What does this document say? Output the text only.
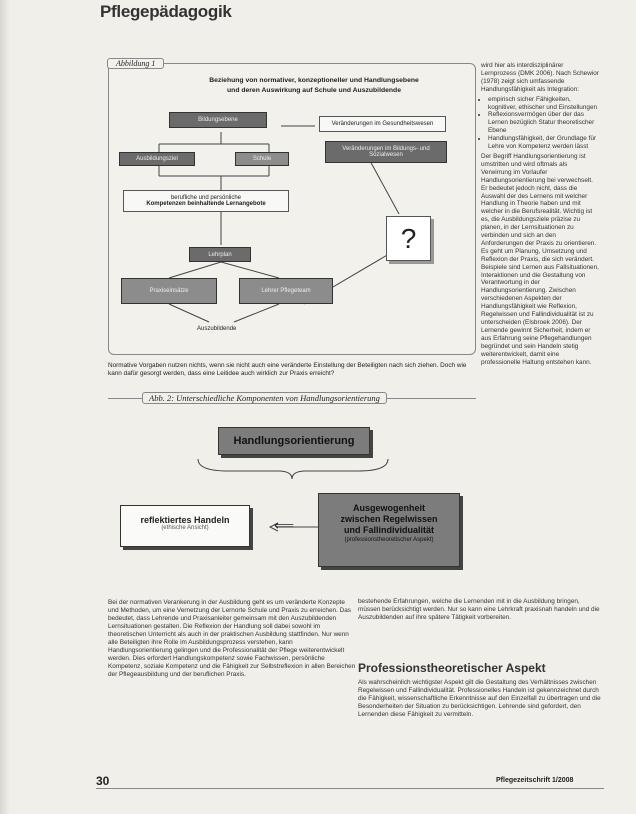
Pflegepädagogik
Abbildung 1
Beziehung von normativer, konzeptioneller und Handlungsebene
und deren Auswirkung auf Schule und Auszubildende
Bildungsebene
Veränderungen im Gesundheitswesen
Veränderungen im Bildungs- und Sozialwesen
Ausbildungsziel	Schule
berufliche und persönliche
Kompetenzen beinhaltende Lernangebote
Lehrplan
Praxiseinsätze	Lehrer Pflegeteam
Auszubildende
?
Normative Vorgaben nutzen nichts, wenn sie nicht auch eine veränderte Einstellung der Beteiligten nach sich ziehen. Doch wie kann dafür gesorgt werden, dass eine Leitidee auch wirklich zur Praxis erreicht?
Abb. 2: Unterschiedliche Komponenten von Handlungsorientierung
Handlungsorientierung
reflektiertes Handeln
(ethische Ansicht)
Ausgewogenheit
zwischen Regelwissen
und Fallindividualität
(professionstheoretischer Aspekt)
⟸

wird hier als interdisziplinärer Lernprozess (DMK 2006). Nach Schewior (1978) zeigt sich umfassende Handlungsfähigkeit als Integration:

• empirisch sicher Fähigkeiten, kognitiver, ethischer und Einstellungen
• Reflexionsvermögen über der das Lernen bezüglich Statur theoretischer Ebene
• Handlungsfähigkeit, der Grundlage für Lehre von Kompetenz werden lässt

Der Begriff Handlungsorientierung ist umstritten und wird oftmals als Verwirrung im Vorlaufer Handlungsorientierung bei verwechselt. Er bedeutet jedoch nicht, dass die Auswahl der des Lernens mit welcher Handlung in Theorie haben und mit welcher in die Berufsrealität. Wichtig ist es, die Ausbildungsziele präzise zu planen, in der Lernsituationen zu verbinden und sich an den Anforderungen der Praxis zu orientieren. Es geht um Planung, Umsetzung und Reflexion der Praxis, die sich verändert. Beispiele sind Lernen aus Fallsituationen, Interaktionen und die Gestaltung von Verantwortung in der Handlungsorientierung. Zwischen verschiedenen Aspekten der Handlungsfähigkeit wie Reflexion, Regelwissen und Fallindividualität ist zu unterscheiden (Elsbroek 2006). Der Lernende gewinnt Sicherheit, indem er aus Erfahrung seine Pflegehandlungen begründet und sein Handeln stetig weiterentwickelt, damit eine professionelle Haltung entstehen kann.

Bei der normativen Verankerung in der Ausbildung geht es um veränderte Konzepte und Methoden, um eine Vernetzung der Lernorte Schule und Praxis zu erreichen. Das bedeutet, dass Lehrende und Praxisanleiter gemeinsam mit den Auszubildenden Lernsituationen gestalten. Die Reflexion der Handlung soll dabei sowohl im theoretischen Unterricht als auch in der praktischen Ausbildung stattfinden. Nur wenn alle Beteiligten ihre Rolle im Ausbildungsprozess verstehen, kann Handlungsorientierung gelingen und die Professionalität der Pflege weiterentwickelt werden. Dies erfordert Handlungskompetenz sowie Fachwissen, persönliche Kompetenz, soziale Kompetenz und die Fähigkeit zur Selbstreflexion in allen Bereichen der Pflegeausbildung und der beruflichen Praxis.
bestehende Erfahrungen, welche die Lernenden mit in die Ausbildung bringen, müssen berücksichtigt werden. Nur so kann eine Lehrkraft praxisnah handeln und die Auszubildenden auf ihre spätere Tätigkeit vorbereiten.
Professionstheoretischer Aspekt
Als wahrscheinlich wichtigster Aspekt gilt die Gestaltung des Verhältnisses zwischen Regelwissen und Fallindividualität. Professionelles Handeln ist gekennzeichnet durch die Fähigkeit, wissenschaftliche Erkenntnisse auf den Einzelfall zu übertragen und die Besonderheiten der Situation zu berücksichtigen. Lehrende sind gefordert, den Lernenden diese Fähigkeit zu vermitteln.
30	Pflegezeitschrift 1/2008
